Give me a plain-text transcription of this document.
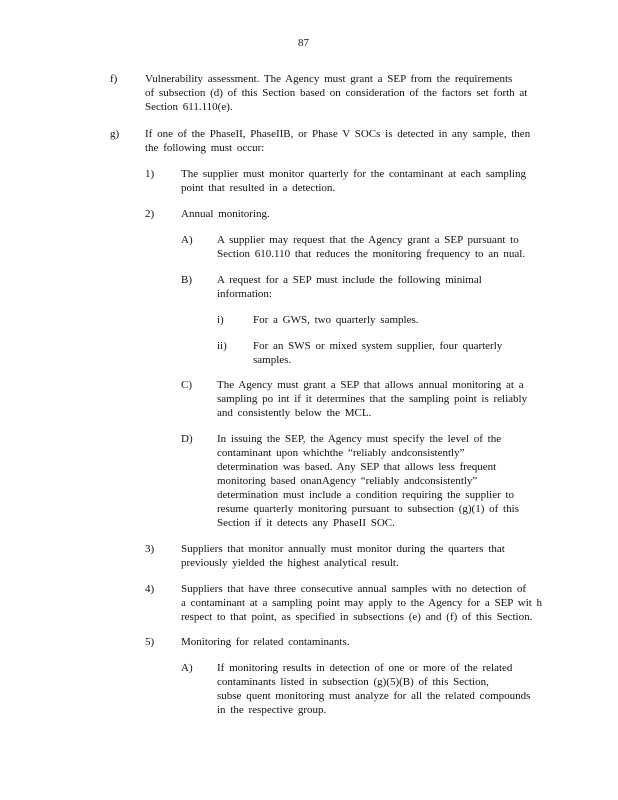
87
f)	Vulnerability assessment. The Agency must grant a SEP from the requirements
of subsection (d) of this Section based on consideration of the factors set forth at
Section 611.110(e).
g) If one of the PhaseII, PhaseIIB, or Phase V SOCs is detected in any sample, then
the following must occur:
1) The supplier must monitor quarterly for the contaminant at each sampling
point that resulted in a detection.
2) Annual monitoring.
A) A supplier may request that the Agency grant a SEP pursuant to
Section 610.110 that reduces the monitoring frequency to an nual.
B) A request for a SEP must include the following minimal
information:
i)	For a GWS, two quarterly samples.
ii) For an SWS or mixed system supplier, four quarterly
samples.
C) The Agency must grant a SEP that allows annual monitoring at a
sampling po int if it determines that the sampling point is reliably
and consistently below the MCL.
D) In issuing the SEP, the Agency must specify the level of the
contaminant upon whichthe “reliably andconsistently”
determination was based. Any SEP that allows less frequent
monitoring based onanAgency “reliably andconsistently”
determination must include a condition requiring the supplier to
resume quarterly monitoring pursuant to subsection (g)(1) of this
Section if it detects any PhaseII SOC.
3) Suppliers that monitor annually must monitor during the quarters that
previously yielded the highest analytical result.
4) Suppliers that have three consecutive annual samples with no detection of
a contaminant at a sampling point may apply to the Agency for a SEP wit h
respect to that point, as specified in subsections (e) and (f) of this Section.
5) Monitoring for related contaminants.
A) If monitoring results in detection of one or more of the related
contaminants listed in subsection (g)(5)(B) of this Section,
subse quent monitoring must analyze for all the related compounds
in the respective group.
